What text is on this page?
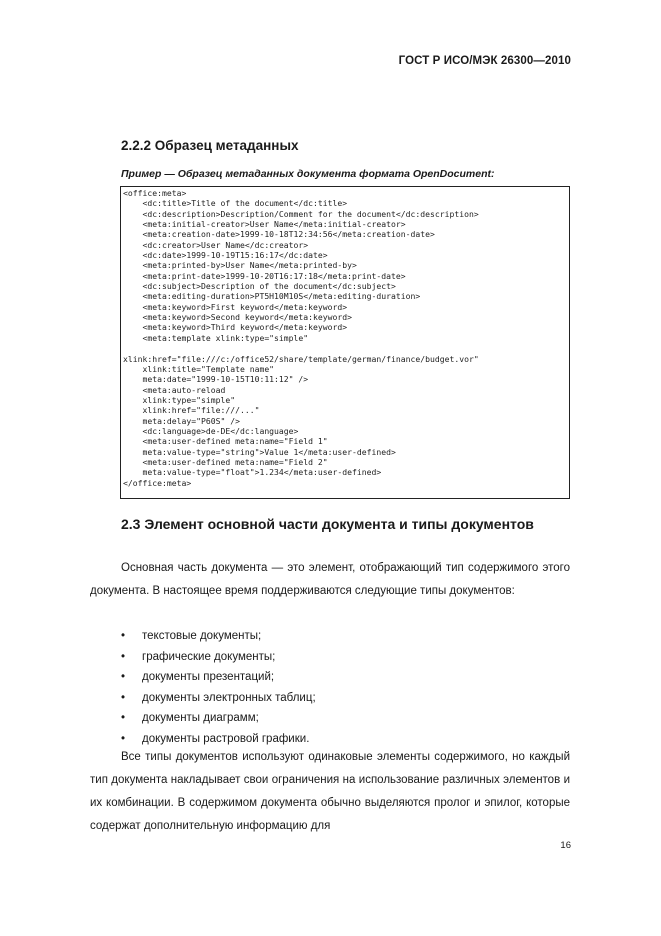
ГОСТ Р ИСО/МЭК 26300—2010
2.2.2 Образец метаданных
Пример — Образец метаданных документа формата OpenDocument:
<office:meta>
<dc:title>Title of the document</dc:title>
<dc:description>Description/Comment for the document</dc:description>
<meta:initial-creator>User Name</meta:initial-creator>
<meta:creation-date>1999-10-18T12:34:56</meta:creation-date>
<dc:creator>User Name</dc:creator>
<dc:date>1999-10-19T15:16:17</dc:date>
<meta:printed-by>User Name</meta:printed-by>
<meta:print-date>1999-10-20T16:17:18</meta:print-date>
<dc:subject>Description of the document</dc:subject>
<meta:editing-duration>PT5H10M10S</meta:editing-duration>
<meta:keyword>First keyword</meta:keyword>
<meta:keyword>Second keyword</meta:keyword>
<meta:keyword>Third keyword</meta:keyword>
<meta:template xlink:type="simple"
xlink:href="file:///c:/office52/share/template/german/finance/budget.vor"
xlink:title="Template name"
meta:date="1999-10-15T10:11:12" />
<meta:auto-reload
xlink:type="simple"
xlink:href="file:///..."
meta:delay="P60S" />
<dc:language>de-DE</dc:language>
<meta:user-defined meta:name="Field 1"
meta:value-type="string">Value 1</meta:user-defined>
<meta:user-defined meta:name="Field 2"
meta:value-type="float">1.234</meta:user-defined>
</office:meta>
2.3 Элемент основной части документа и типы документов
Основная часть документа — это элемент, отображающий тип содержимого этого документа. В настоящее время поддерживаются следующие типы документов:
• текстовые документы;
• графические документы;
• документы презентаций;
• документы электронных таблиц;
• документы диаграмм;
• документы растровой графики.
Все типы документов используют одинаковые элементы содержимого, но каждый тип документа накладывает свои ограничения на использование различных элементов и их комбинации. В содержимом документа обычно выделяются пролог и эпилог, которые содержат дополнительную информацию для
16
